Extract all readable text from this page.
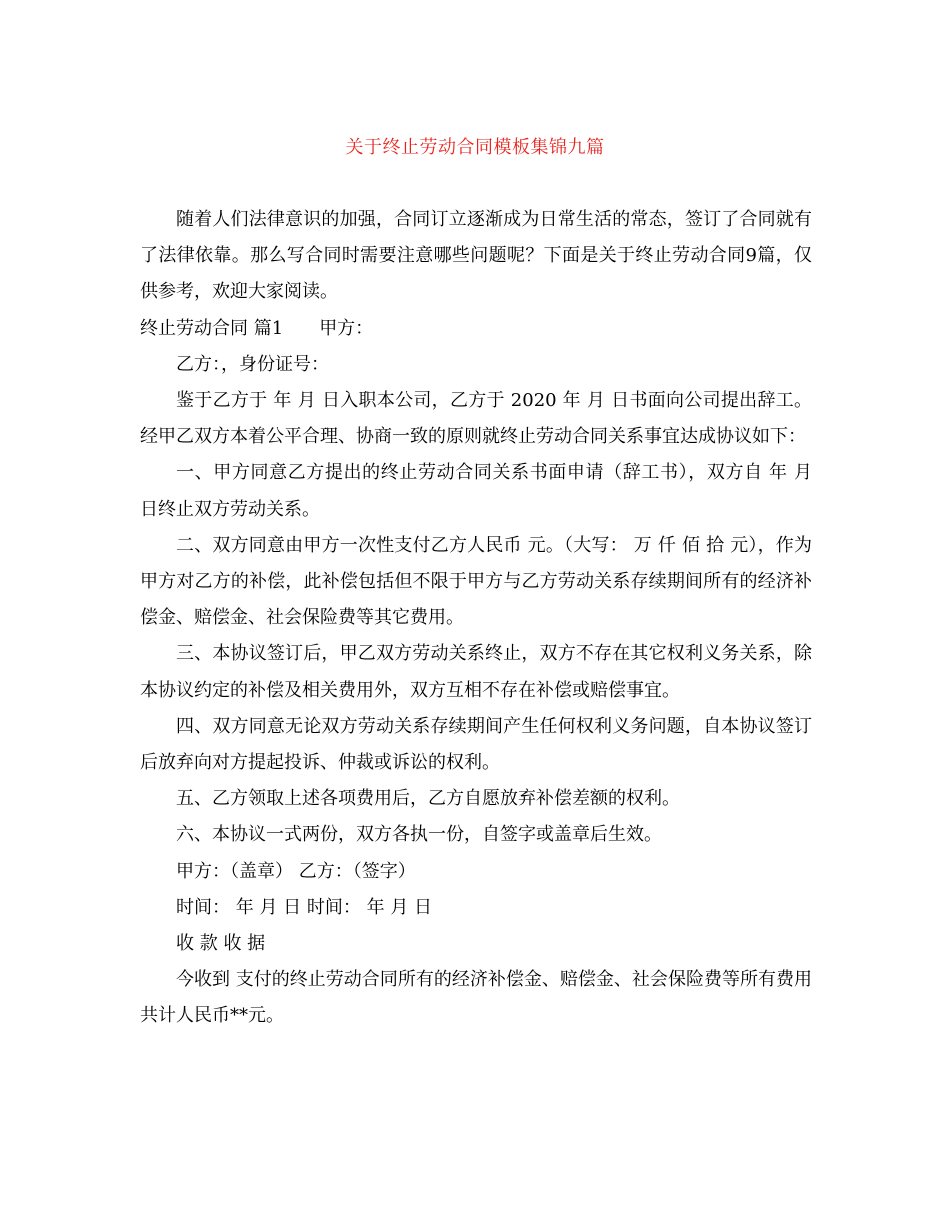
关于终止劳动合同模板集锦九篇

随着人们法律意识的加强，合同订立逐渐成为日常生活的常态，签订了合同就有了法律依靠。那么写合同时需要注意哪些问题呢？下面是关于终止劳动合同9篇，仅供参考，欢迎大家阅读。

终止劳动合同 篇1 甲方：

乙方：，身份证号：

鉴于乙方于 年 月 日入职本公司，乙方于 2020 年 月 日书面向公司提出辞工。经甲乙双方本着公平合理、协商一致的原则就终止劳动合同关系事宜达成协议如下：

一、甲方同意乙方提出的终止劳动合同关系书面申请（辞工书），双方自 年 月 日终止双方劳动关系。

二、双方同意由甲方一次性支付乙方人民币 元。（大写： 万 仟 佰 拾 元），作为甲方对乙方的补偿，此补偿包括但不限于甲方与乙方劳动关系存续期间所有的经济补偿金、赔偿金、社会保险费等其它费用。

三、本协议签订后，甲乙双方劳动关系终止，双方不存在其它权利义务关系，除本协议约定的补偿及相关费用外，双方互相不存在补偿或赔偿事宜。

四、双方同意无论双方劳动关系存续期间产生任何权利义务问题，自本协议签订后放弃向对方提起投诉、仲裁或诉讼的权利。

五、乙方领取上述各项费用后，乙方自愿放弃补偿差额的权利。

六、本协议一式两份，双方各执一份，自签字或盖章后生效。

甲方：（盖章） 乙方：（签字）

时间： 年 月 日 时间： 年 月 日

收 款 收 据

今收到 支付的终止劳动合同所有的经济补偿金、赔偿金、社会保险费等所有费用共计人民币**元。
